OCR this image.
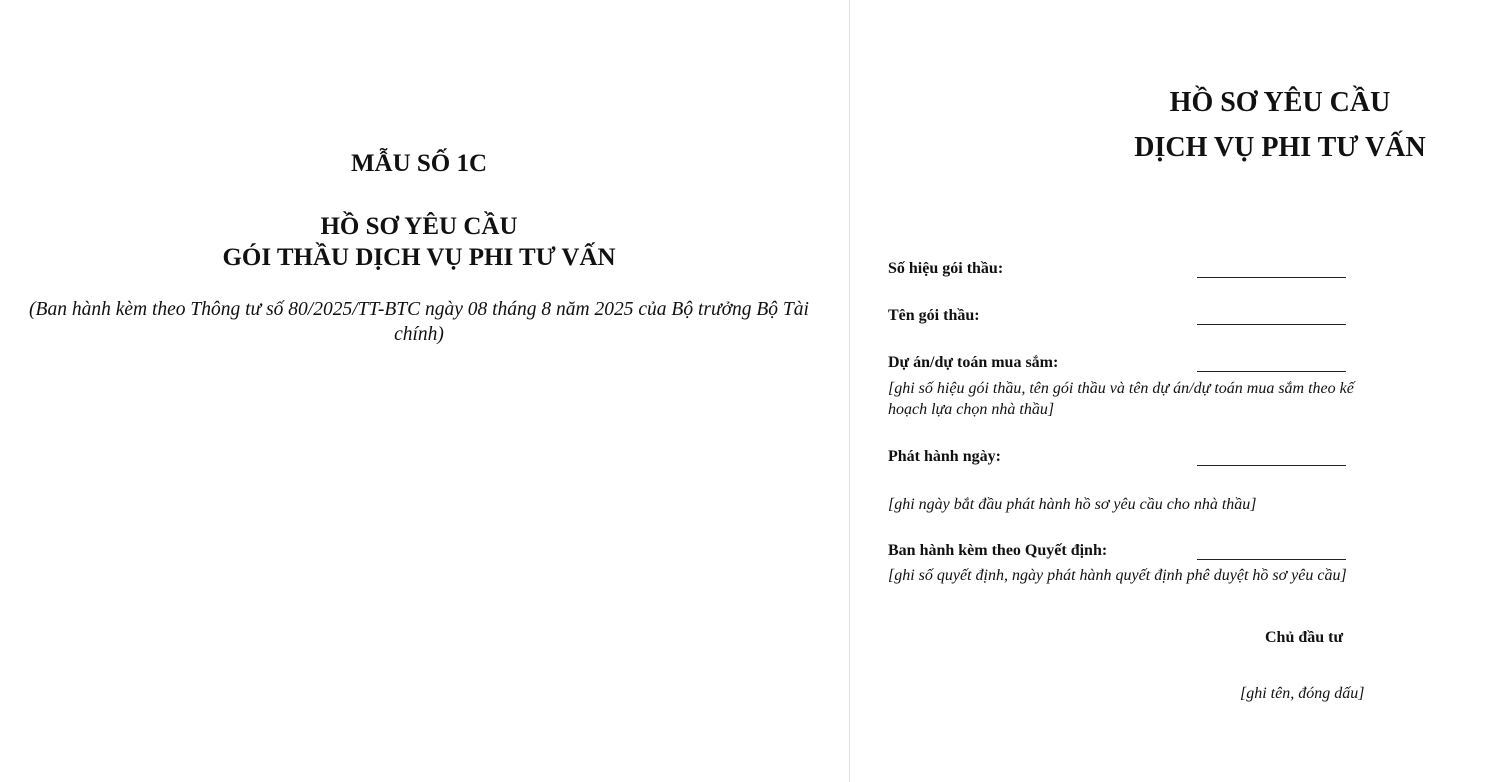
MẪU SỐ 1C
HỒ SƠ YÊU CẦU
GÓI THẦU DỊCH VỤ PHI TƯ VẤN
(Ban hành kèm theo Thông tư số 80/2025/TT-BTC ngày 08 tháng 8 năm 2025 của Bộ trưởng Bộ Tài chính)
HỒ SƠ YÊU CẦU
DỊCH VỤ PHI TƯ VẤN
Số hiệu gói thầu:
Tên gói thầu:
Dự án/dự toán mua sắm:
[ghi số hiệu gói thầu, tên gói thầu và tên dự án/dự toán mua sắm theo kế hoạch lựa chọn nhà thầu]
Phát hành ngày:
[ghi ngày bắt đầu phát hành hồ sơ yêu cầu cho nhà thầu]
Ban hành kèm theo Quyết định:
[ghi số quyết định, ngày phát hành quyết định phê duyệt hồ sơ yêu cầu]
Chủ đầu tư
[ghi tên, đóng dấu]
